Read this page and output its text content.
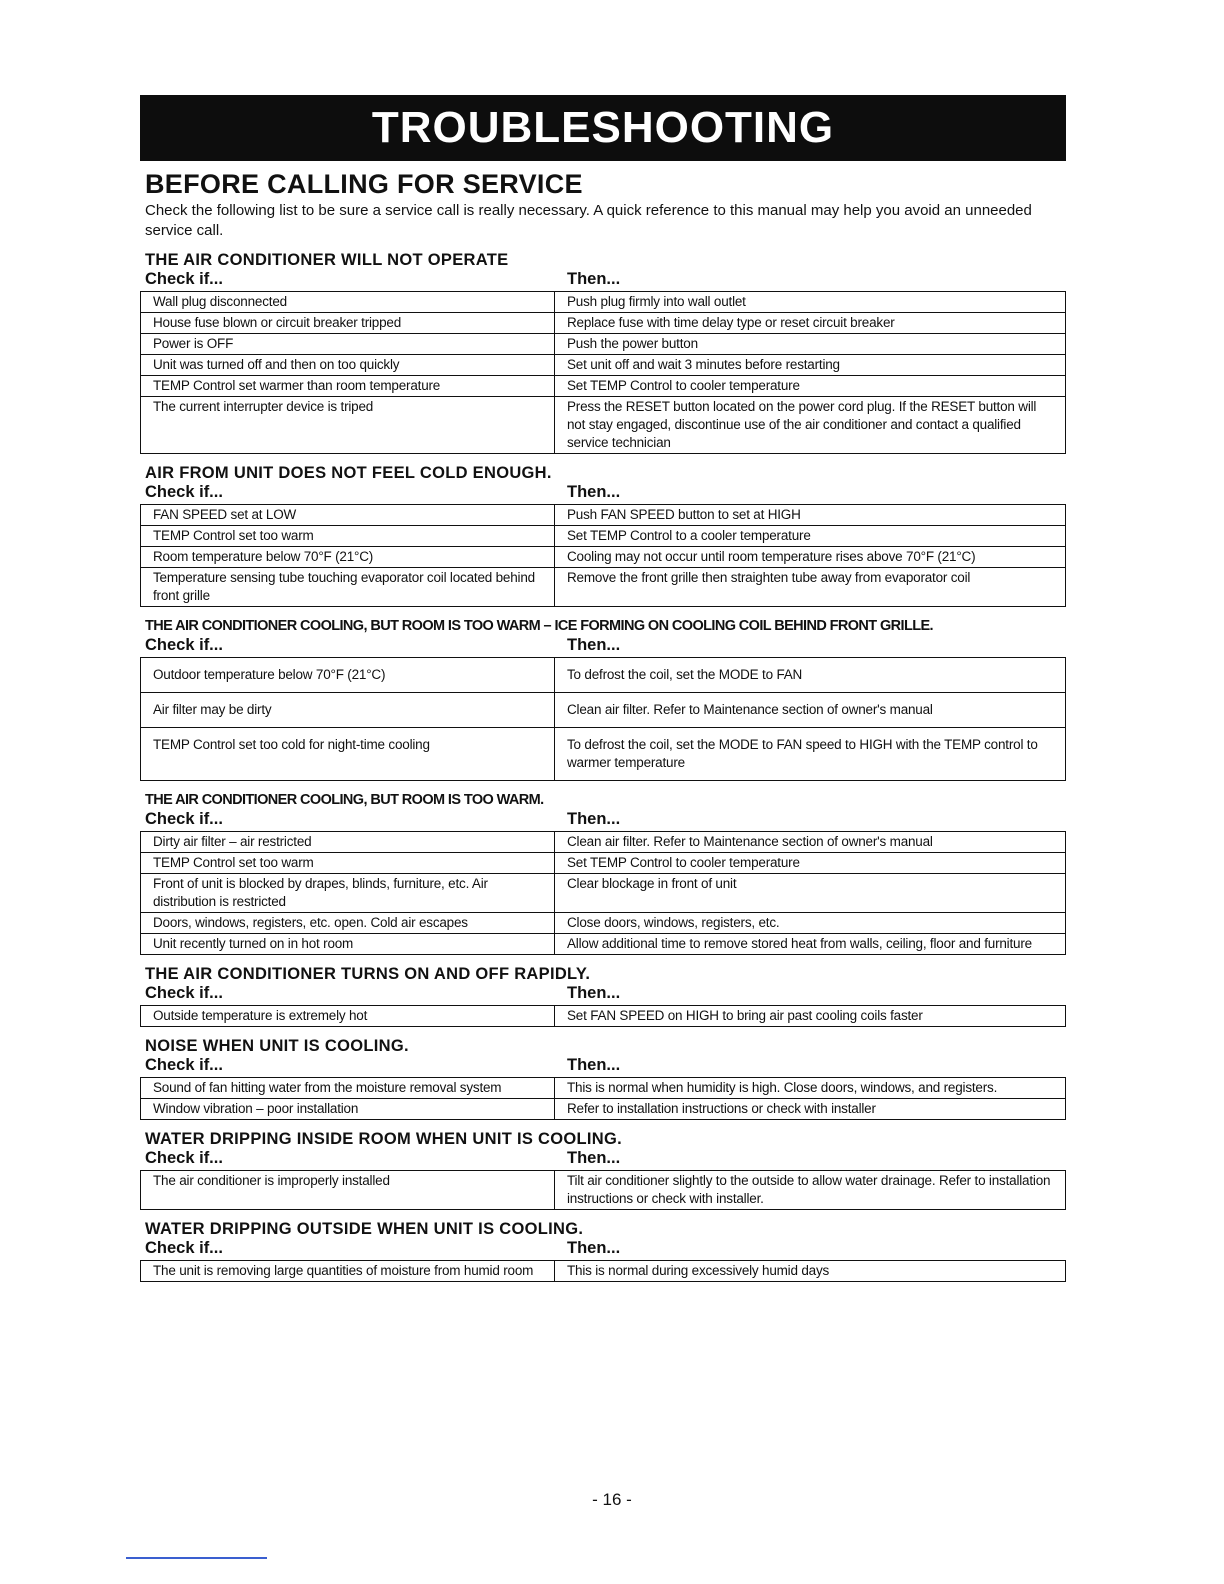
TROUBLESHOOTING
BEFORE CALLING FOR SERVICE
Check the following list to be sure a service call is really necessary. A quick reference to this manual may help you avoid an unneeded service call.
THE AIR CONDITIONER WILL NOT OPERATE
Check if...	Then...
Wall plug disconnected	Push plug firmly into wall outlet
House fuse blown or circuit breaker tripped	Replace fuse with time delay type or reset circuit breaker
Power is OFF	Push the power button
Unit was turned off and then on too quickly	Set unit off and wait 3 minutes before restarting
TEMP Control set warmer than room temperature	Set TEMP Control to cooler temperature
The current interrupter device is triped	Press the RESET button located on the power cord plug. If the RESET button will not stay engaged, discontinue use of the air conditioner and contact a qualified service technician
AIR FROM UNIT DOES NOT FEEL COLD ENOUGH.
Check if...	Then...
FAN SPEED set at LOW	Push FAN SPEED button to set at HIGH
TEMP Control set too warm	Set TEMP Control to a cooler temperature
Room temperature below 70°F (21°C)	Cooling may not occur until room temperature rises above 70°F (21°C)
Temperature sensing tube touching evaporator coil located behind front grille	Remove the front grille then straighten tube away from evaporator coil
THE AIR CONDITIONER COOLING, BUT ROOM IS TOO WARM – ICE FORMING ON COOLING COIL BEHIND FRONT GRILLE.
Check if...	Then...
Outdoor temperature below 70°F (21°C)	To defrost the coil, set the MODE to FAN
Air filter may be dirty	Clean air filter. Refer to Maintenance section of owner's manual
TEMP Control set too cold for night-time cooling	To defrost the coil, set the MODE to FAN speed to HIGH with the TEMP control to warmer temperature
THE AIR CONDITIONER COOLING, BUT ROOM IS TOO WARM.
Check if...	Then...
Dirty air filter – air restricted	Clean air filter. Refer to Maintenance section of owner's manual
TEMP Control set too warm	Set TEMP Control to cooler temperature
Front of unit is blocked by drapes, blinds, furniture, etc. Air distribution is restricted	Clear blockage in front of unit
Doors, windows, registers, etc. open. Cold air escapes	Close doors, windows, registers, etc.
Unit recently turned on in hot room	Allow additional time to remove stored heat from walls, ceiling, floor and furniture
THE AIR CONDITIONER TURNS ON AND OFF RAPIDLY.
Check if...	Then...
Outside temperature is extremely hot	Set FAN SPEED on HIGH to bring air past cooling coils faster
NOISE WHEN UNIT IS COOLING.
Check if...	Then...
Sound of fan hitting water from the moisture removal system	This is normal when humidity is high. Close doors, windows, and registers.
Window vibration – poor installation	Refer to installation instructions or check with installer
WATER DRIPPING INSIDE ROOM WHEN UNIT IS COOLING.
Check if...	Then...
The air conditioner is improperly installed	Tilt air conditioner slightly to the outside to allow water drainage. Refer to installation instructions or check with installer.
WATER DRIPPING OUTSIDE WHEN UNIT IS COOLING.
Check if...	Then...
The unit is removing large quantities of moisture from humid room	This is normal during excessively humid days
- 16 -
